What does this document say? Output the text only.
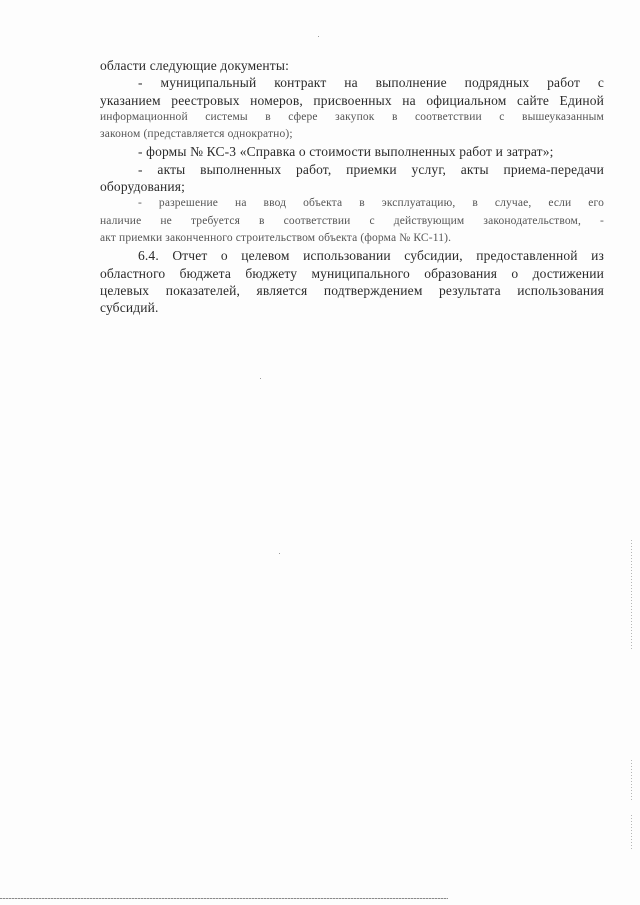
области следующие документы:
- муниципальный контракт на выполнение подрядных работ с
указанием реестровых номеров, присвоенных на официальном сайте Единой
информационной системы в сфере закупок в соответствии с вышеуказанным
законом (представляется однократно);
- формы № КС-3 «Справка о стоимости выполненных работ и затрат»;
- акты выполненных работ, приемки услуг, акты приема-передачи
оборудования;
- разрешение на ввод объекта в эксплуатацию, в случае, если его
наличие не требуется в соответствии с действующим законодательством, -
акт приемки законченного строительством объекта (форма № КС-11).
6.4. Отчет о целевом использовании субсидии, предоставленной из
областного бюджета бюджету муниципального образования о достижении
целевых показателей, является подтверждением результата использования
субсидий.
